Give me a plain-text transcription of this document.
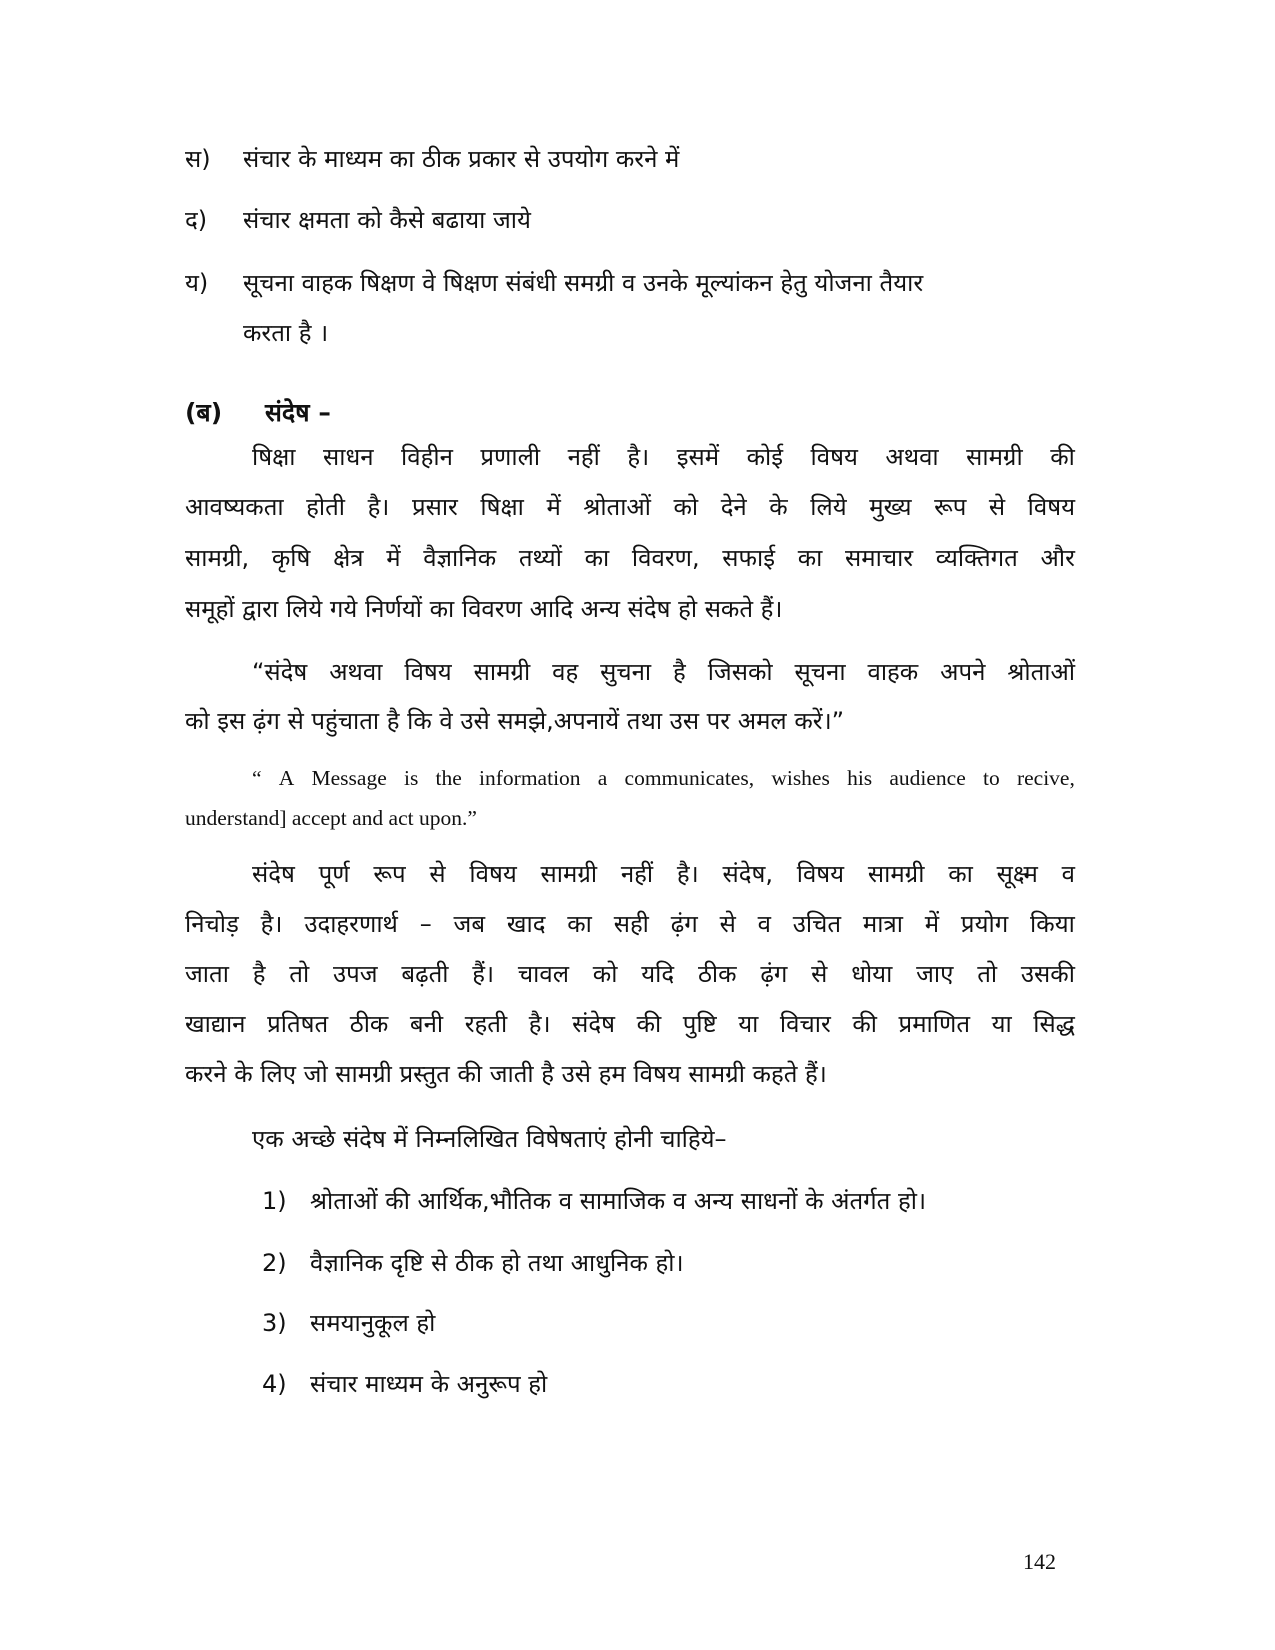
स) संचार के माध्यम का ठीक प्रकार से उपयोग करने में
द) संचार क्षमता को कैसे बढाया जाये
य) सूचना वाहक षिक्षण वे षिक्षण संबंधी समग्री व उनके मूल्यांकन हेतु योजना तैयार
करता है ।
(ब) संदेष –
षिक्षा साधन विहीन प्रणाली नहीं है। इसमें कोई विषय अथवा सामग्री की
आवष्यकता होती है। प्रसार षिक्षा में श्रोताओं को देने के लिये मुख्य रूप से विषय
सामग्री, कृषि क्षेत्र में वैज्ञानिक तथ्यों का विवरण, सफाई का समाचार व्यक्तिगत और
समूहों द्वारा लिये गये निर्णयों का विवरण आदि अन्य संदेष हो सकते हैं।
“संदेष अथवा विषय सामग्री वह सुचना है जिसको सूचना वाहक अपने श्रोताओं
को इस ढ़ंग से पहुंचाता है कि वे उसे समझे,अपनायें तथा उस पर अमल करें।”
“ A Message is the information a communicates, wishes his audience to recive,
understand] accept and act upon.”
संदेष पूर्ण रूप से विषय सामग्री नहीं है। संदेष, विषय सामग्री का सूक्ष्म व
निचोड़ है। उदाहरणार्थ – जब खाद का सही ढ़ंग से व उचित मात्रा में प्रयोग किया
जाता है तो उपज बढ़ती हैं। चावल को यदि ठीक ढ़ंग से धोया जाए तो उसकी
खाद्यान प्रतिषत ठीक बनी रहती है। संदेष की पुष्टि या विचार की प्रमाणित या सिद्ध
करने के लिए जो सामग्री प्रस्तुत की जाती है उसे हम विषय सामग्री कहते हैं।
एक अच्छे संदेष में निम्नलिखित विषेषताएं होनी चाहिये–
1) श्रोताओं की आर्थिक,भौतिक व सामाजिक व अन्य साधनों के अंतर्गत हो।
2) वैज्ञानिक दृष्टि से ठीक हो तथा आधुनिक हो।
3) समयानुकूल हो
4) संचार माध्यम के अनुरूप हो
142
